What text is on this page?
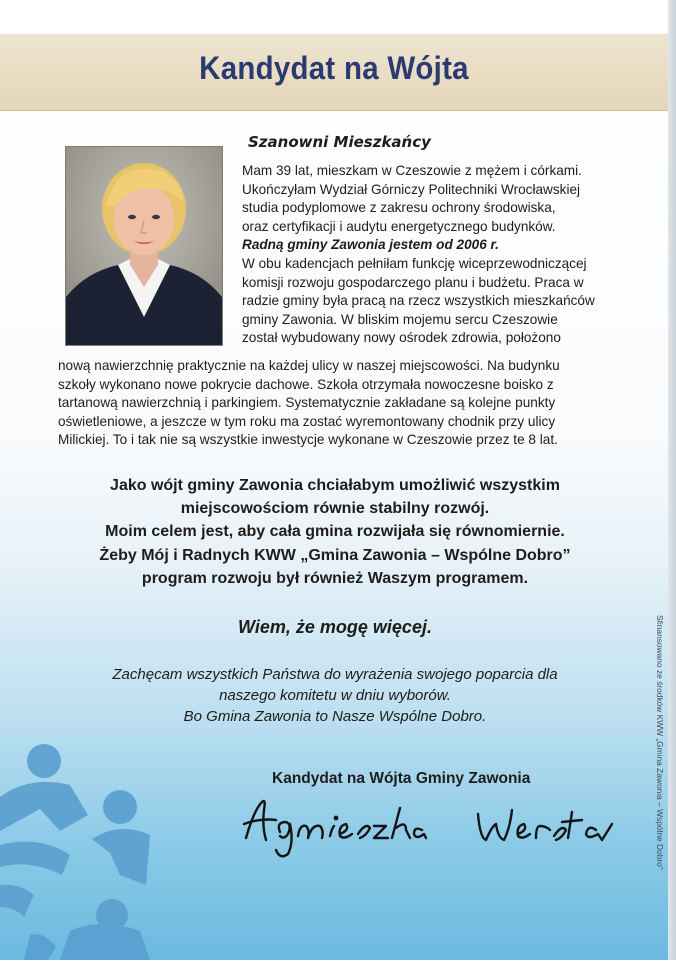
Kandydat na Wójta
Szanowni Mieszkańcy
Mam 39 lat, mieszkam w Czeszowie z mężem i córkami.
Ukończyłam Wydział Górniczy Politechniki Wrocławskiej
studia podyplomowe z zakresu ochrony środowiska,
oraz certyfikacji i audytu energetycznego budynków.
Radną gminy Zawonia jestem od 2006 r.
W obu kadencjach pełniłam funkcję wiceprzewodniczącej
komisji rozwoju gospodarczego planu i budżetu. Praca w
radzie gminy była pracą na rzecz wszystkich mieszkańców
gminy Zawonia. W bliskim mojemu sercu Czeszowie
został wybudowany nowy ośrodek zdrowia, położono
nową nawierzchnię praktycznie na każdej ulicy w naszej miejscowości. Na budynku
szkoły wykonano nowe pokrycie dachowe. Szkoła otrzymała nowoczesne boisko z
tartanową nawierzchnią i parkingiem. Systematycznie zakładane są kolejne punkty
oświetleniowe, a jeszcze w tym roku ma zostać wyremontowany chodnik przy ulicy
Milickiej. To i tak nie są wszystkie inwestycje wykonane w Czeszowie przez te 8 lat.
Jako wójt gminy Zawonia chciałabym umożliwić wszystkim
miejscowościom równie stabilny rozwój.
Moim celem jest, aby cała gmina rozwijała się równomiernie.
Żeby Mój i Radnych KWW „Gmina Zawonia – Wspólne Dobro”
program rozwoju był również Waszym programem.
Wiem, że mogę więcej.
Zachęcam wszystkich Państwa do wyrażenia swojego poparcia dla
naszego komitetu w dniu wyborów.
Bo Gmina Zawonia to Nasze Wspólne Dobro.
Kandydat na Wójta Gminy Zawonia	Sfinansowano ze środków KWW „Gmina Zawonia – Wspólne Dobro”
